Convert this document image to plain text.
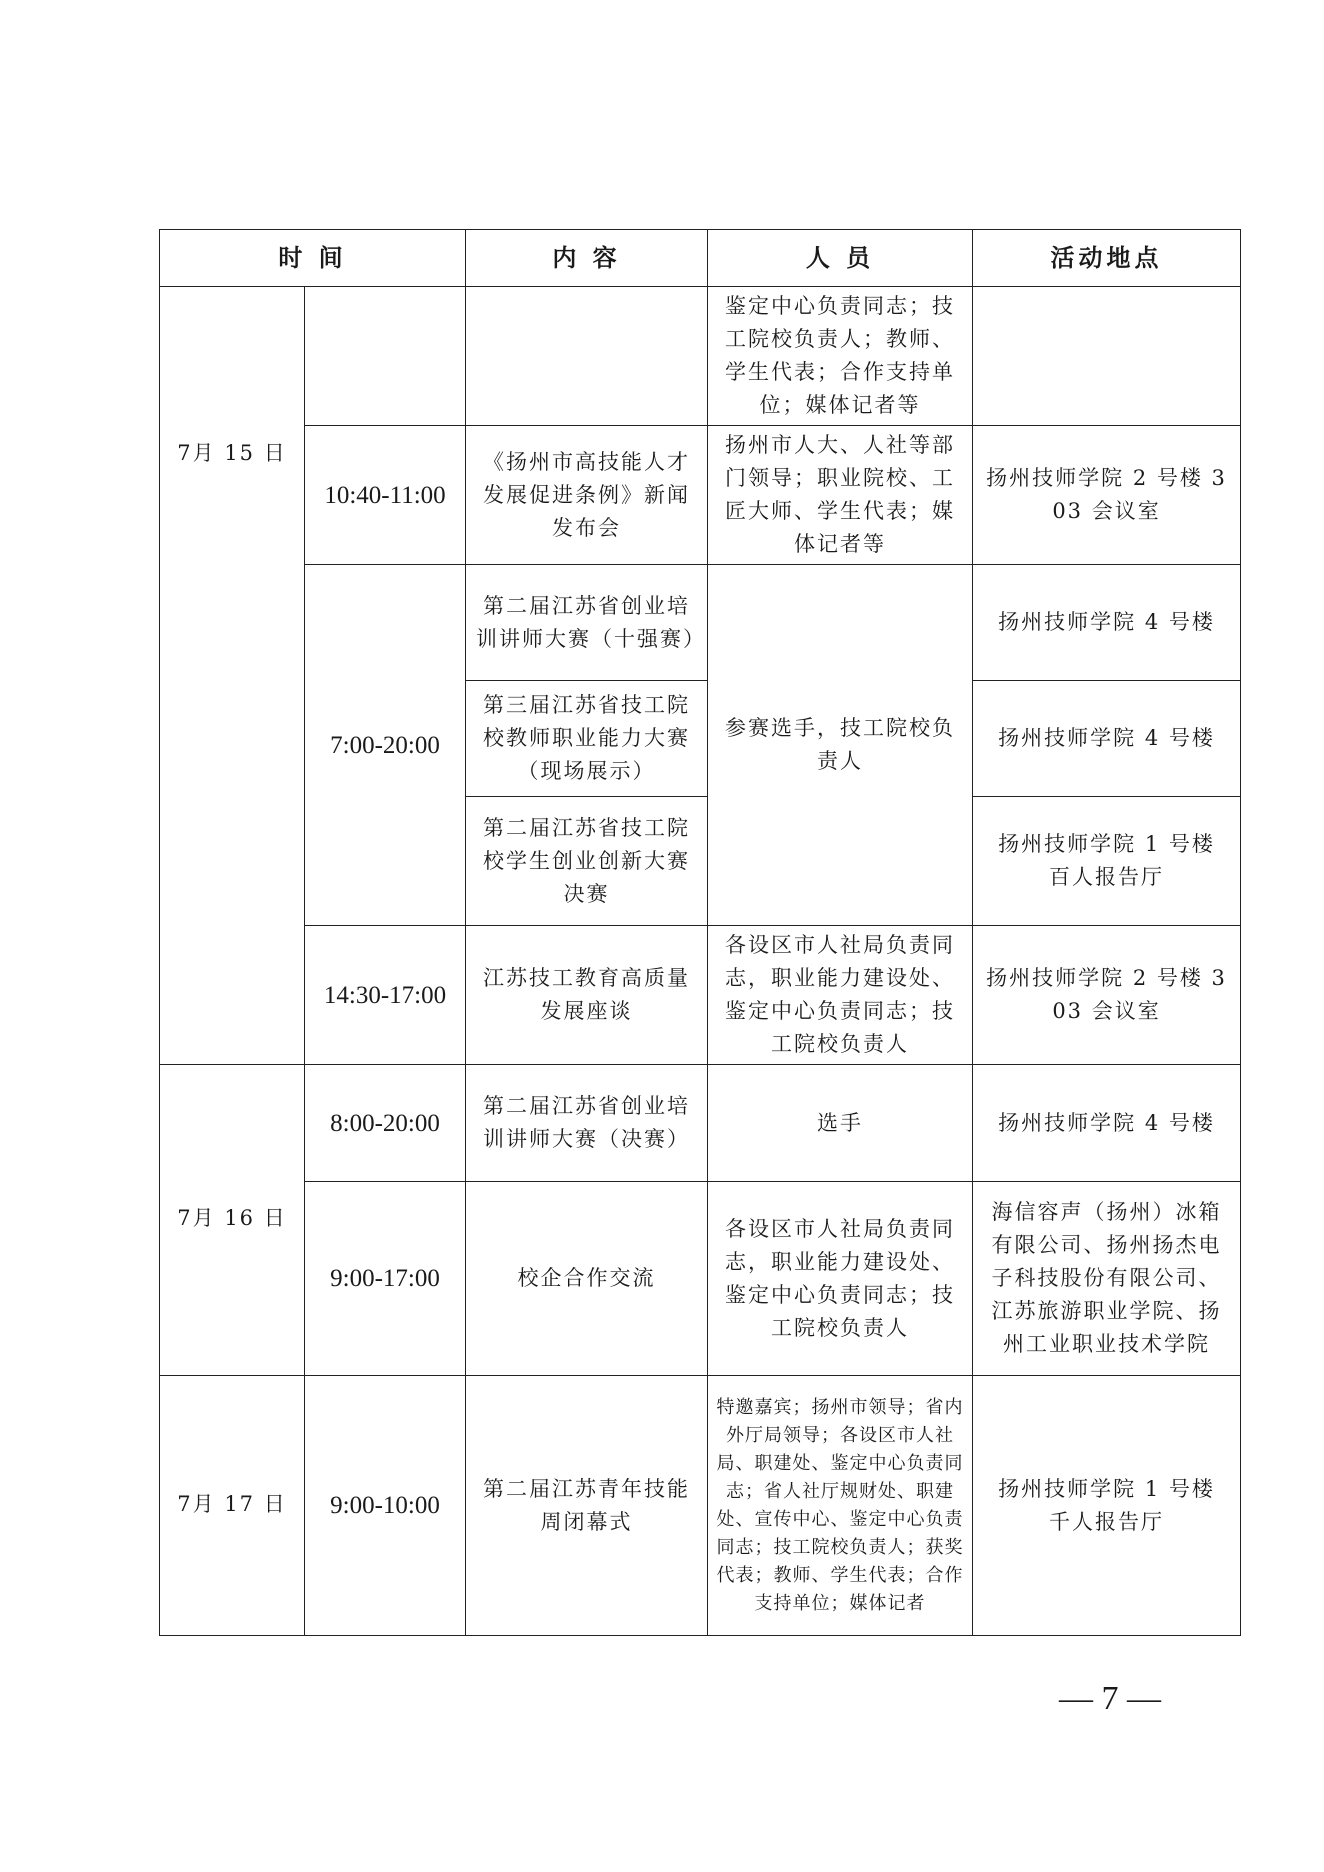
时 间		内 容	人 员	活动地点

7月 15 日			鉴定中心负责同志；技工院校负责人；教师、学生代表；合作支持单位；媒体记者等	
	10:40-11:00	《扬州市高技能人才发展促进条例》新闻发布会	扬州市人大、人社等部门领导；职业院校、工匠大师、学生代表；媒体记者等	扬州技师学院 2 号楼 303 会议室
	7:00-20:00	第二届江苏省创业培训讲师大赛（十强赛）	参赛选手，技工院校负责人	扬州技师学院 4 号楼
		第三届江苏省技工院校教师职业能力大赛（现场展示）		扬州技师学院 4 号楼
		第二届江苏省技工院校学生创业创新大赛决赛		扬州技师学院 1 号楼 百人报告厅
	14:30-17:00	江苏技工教育高质量发展座谈	各设区市人社局负责同志，职业能力建设处、鉴定中心负责同志；技工院校负责人	扬州技师学院 2 号楼 303 会议室

7月 16 日	8:00-20:00	第二届江苏省创业培训讲师大赛（决赛）	选手	扬州技师学院 4 号楼
	9:00-17:00	校企合作交流	各设区市人社局负责同志，职业能力建设处、鉴定中心负责同志；技工院校负责人	海信容声（扬州）冰箱有限公司、扬州扬杰电子科技股份有限公司、江苏旅游职业学院、扬州工业职业技术学院

7月 17 日	9:00-10:00	第二届江苏青年技能周闭幕式	特邀嘉宾；扬州市领导；省内外厅局领导；各设区市人社局、职建处、鉴定中心负责同志；省人社厅规财处、职建处、宣传中心、鉴定中心负责同志；技工院校负责人；获奖代表；教师、学生代表；合作支持单位；媒体记者	扬州技师学院 1 号楼 千人报告厅
— 7 —
